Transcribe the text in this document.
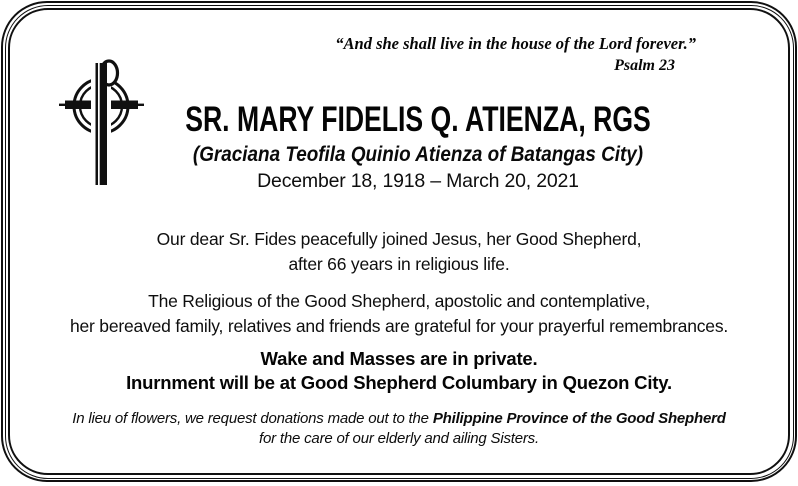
“And she shall live in the house of the Lord forever.”
Psalm 23
SR. MARY FIDELIS Q. ATIENZA, RGS
(Graciana Teofila Quinio Atienza of Batangas City)
December 18, 1918 – March 20, 2021
Our dear Sr. Fides peacefully joined Jesus, her Good Shepherd,
after 66 years in religious life.
The Religious of the Good Shepherd, apostolic and contemplative,
her bereaved family, relatives and friends are grateful for your prayerful remembrances.
Wake and Masses are in private.
Inurnment will be at Good Shepherd Columbary in Quezon City.
In lieu of flowers, we request donations made out to the Philippine Province of the Good Shepherd
for the care of our elderly and ailing Sisters.
